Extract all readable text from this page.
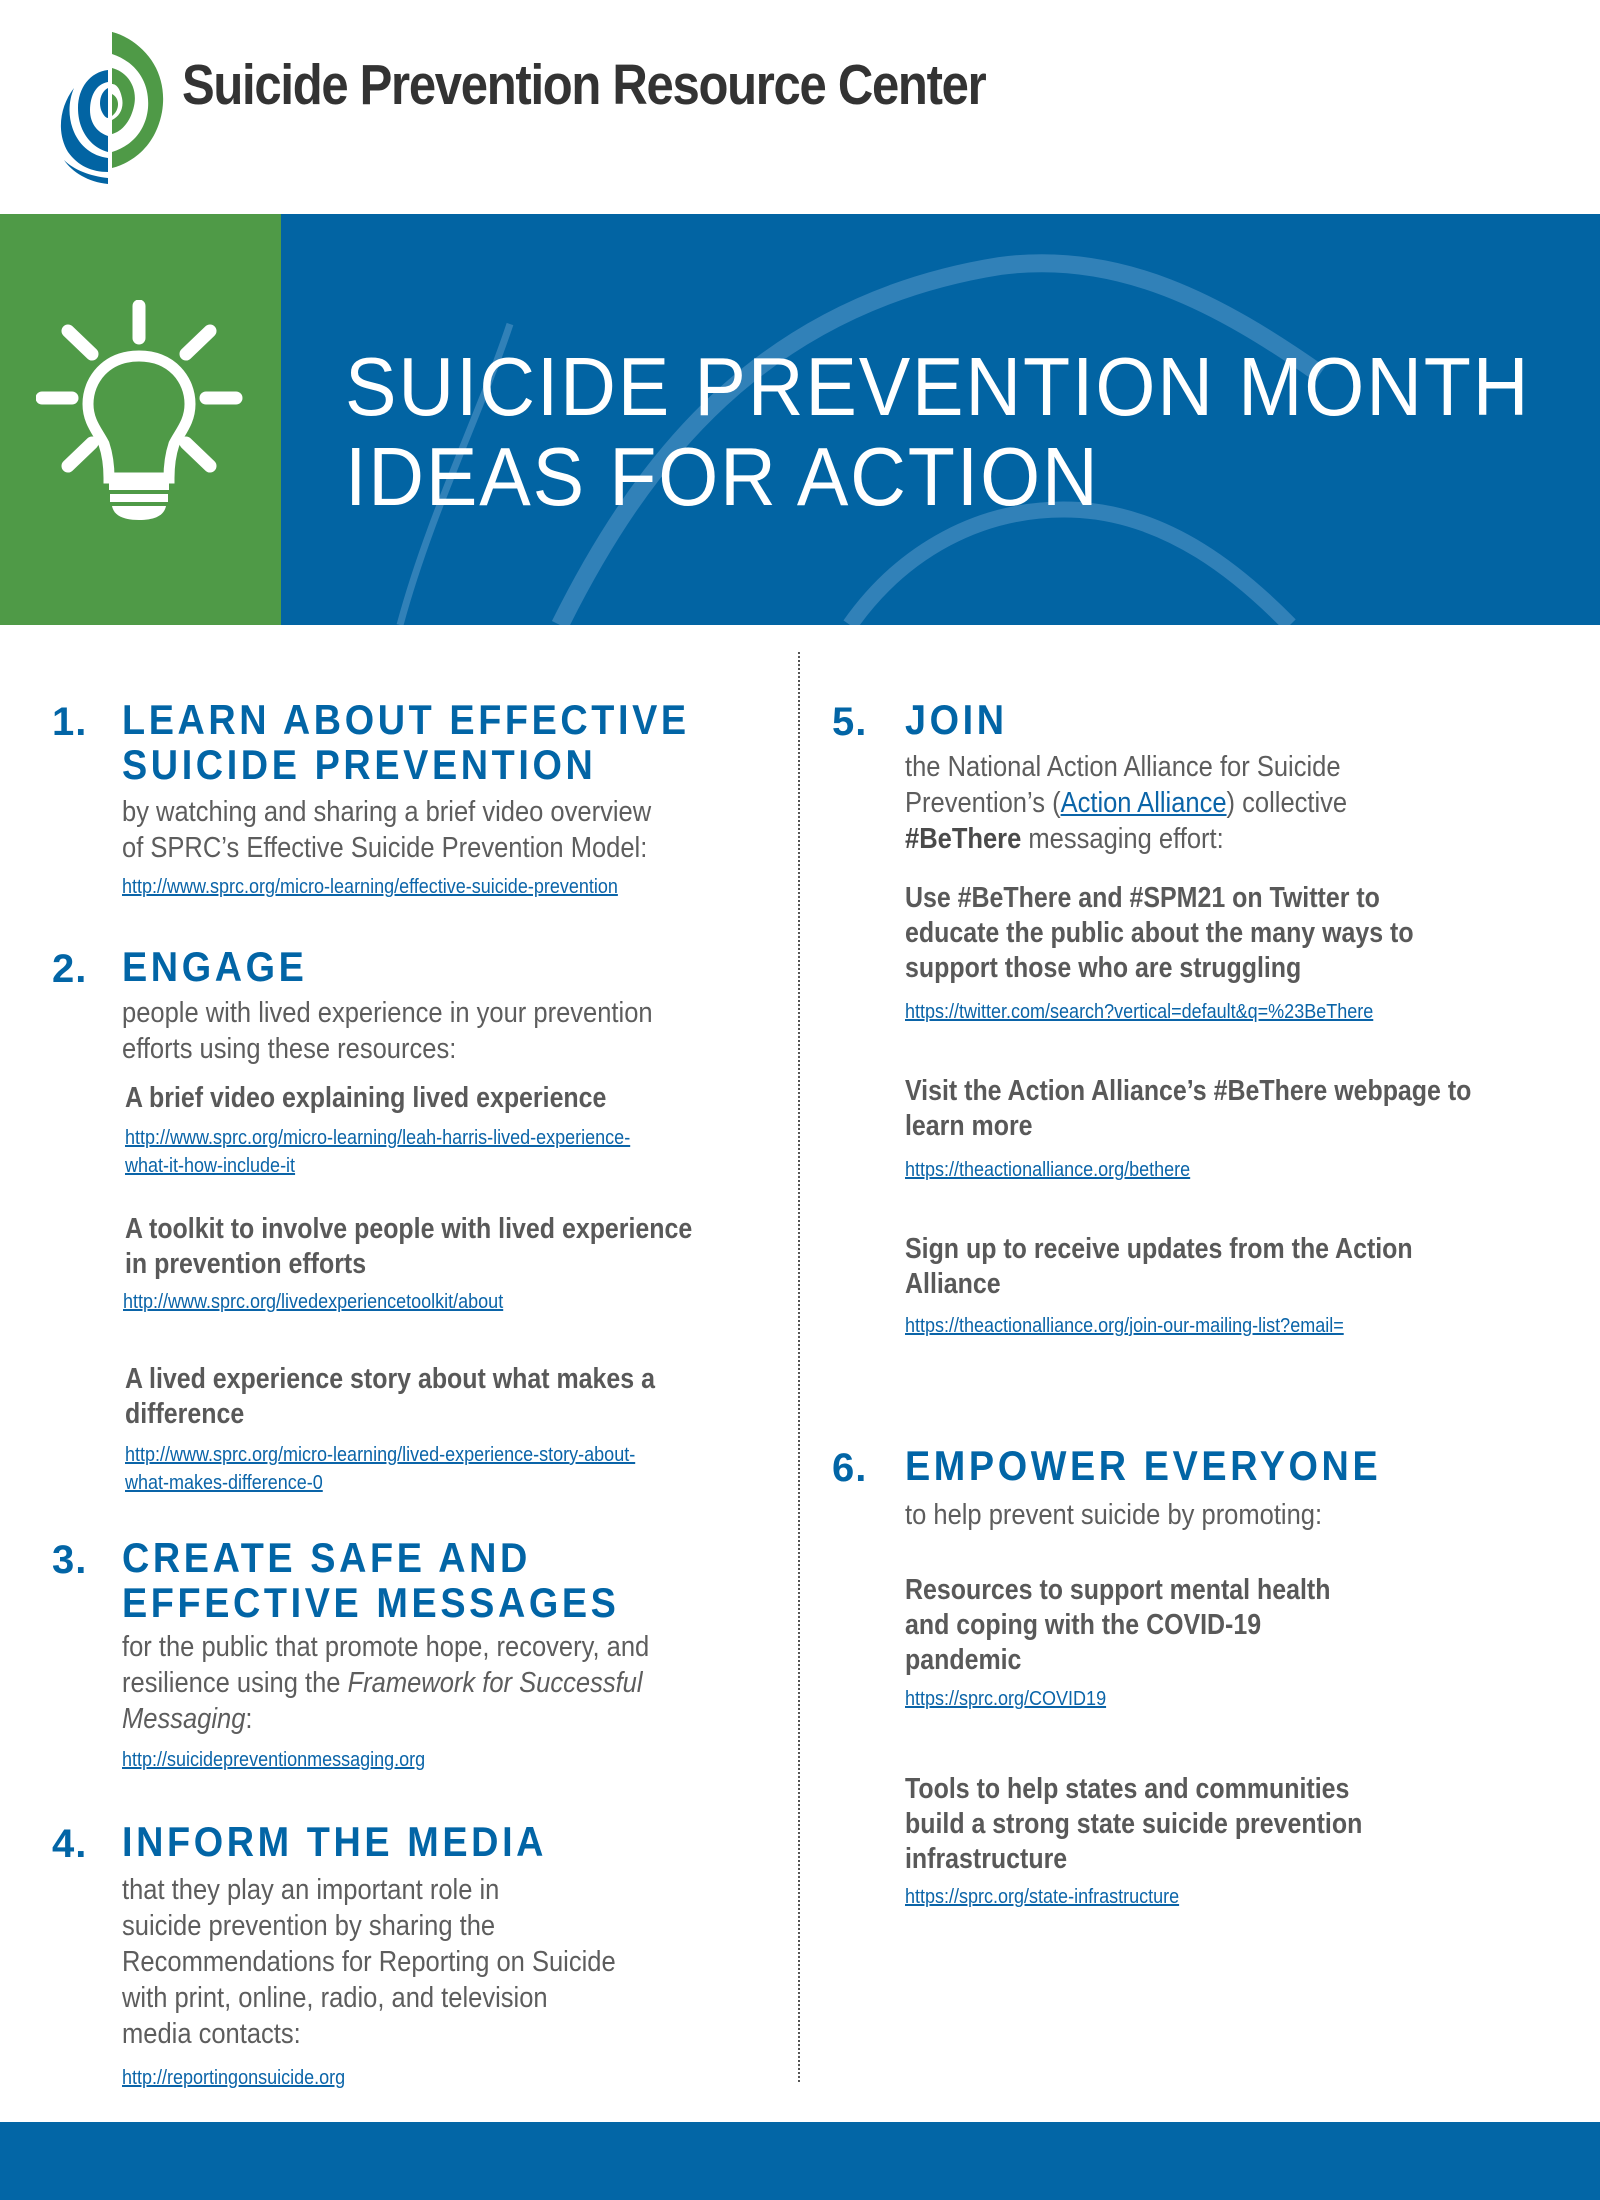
Suicide Prevention Resource Center
SUICIDE PREVENTION MONTH
IDEAS FOR ACTION
1. LEARN ABOUT EFFECTIVE
SUICIDE PREVENTION
by watching and sharing a brief video overview
of SPRC’s Effective Suicide Prevention Model:
http://www.sprc.org/micro-learning/effective-suicide-prevention
2. ENGAGE
people with lived experience in your prevention
efforts using these resources:
A brief video explaining lived experience
http://www.sprc.org/micro-learning/leah-harris-lived-experience-
what-it-how-include-it
A toolkit to involve people with lived experience
in prevention efforts
http://www.sprc.org/livedexperiencetoolkit/about
A lived experience story about what makes a
difference
http://www.sprc.org/micro-learning/lived-experience-story-about-
what-makes-difference-0
3. CREATE SAFE AND
EFFECTIVE MESSAGES
for the public that promote hope, recovery, and
resilience using the Framework for Successful
Messaging:
http://suicidepreventionmessaging.org
4. INFORM THE MEDIA
that they play an important role in
suicide prevention by sharing the
Recommendations for Reporting on Suicide
with print, online, radio, and television
media contacts:
http://reportingonsuicide.org
5. JOIN
the National Action Alliance for Suicide
Prevention’s (Action Alliance) collective
#BeThere messaging effort:
Use #BeThere and #SPM21 on Twitter to
educate the public about the many ways to
support those who are struggling
https://twitter.com/search?vertical=default&q=%23BeThere
Visit the Action Alliance’s #BeThere webpage to
learn more
https://theactionalliance.org/bethere
Sign up to receive updates from the Action
Alliance
https://theactionalliance.org/join-our-mailing-list?email=
6. EMPOWER EVERYONE
to help prevent suicide by promoting:
Resources to support mental health
and coping with the COVID-19
pandemic
https://sprc.org/COVID19
Tools to help states and communities
build a strong state suicide prevention
infrastructure
https://sprc.org/state-infrastructure
